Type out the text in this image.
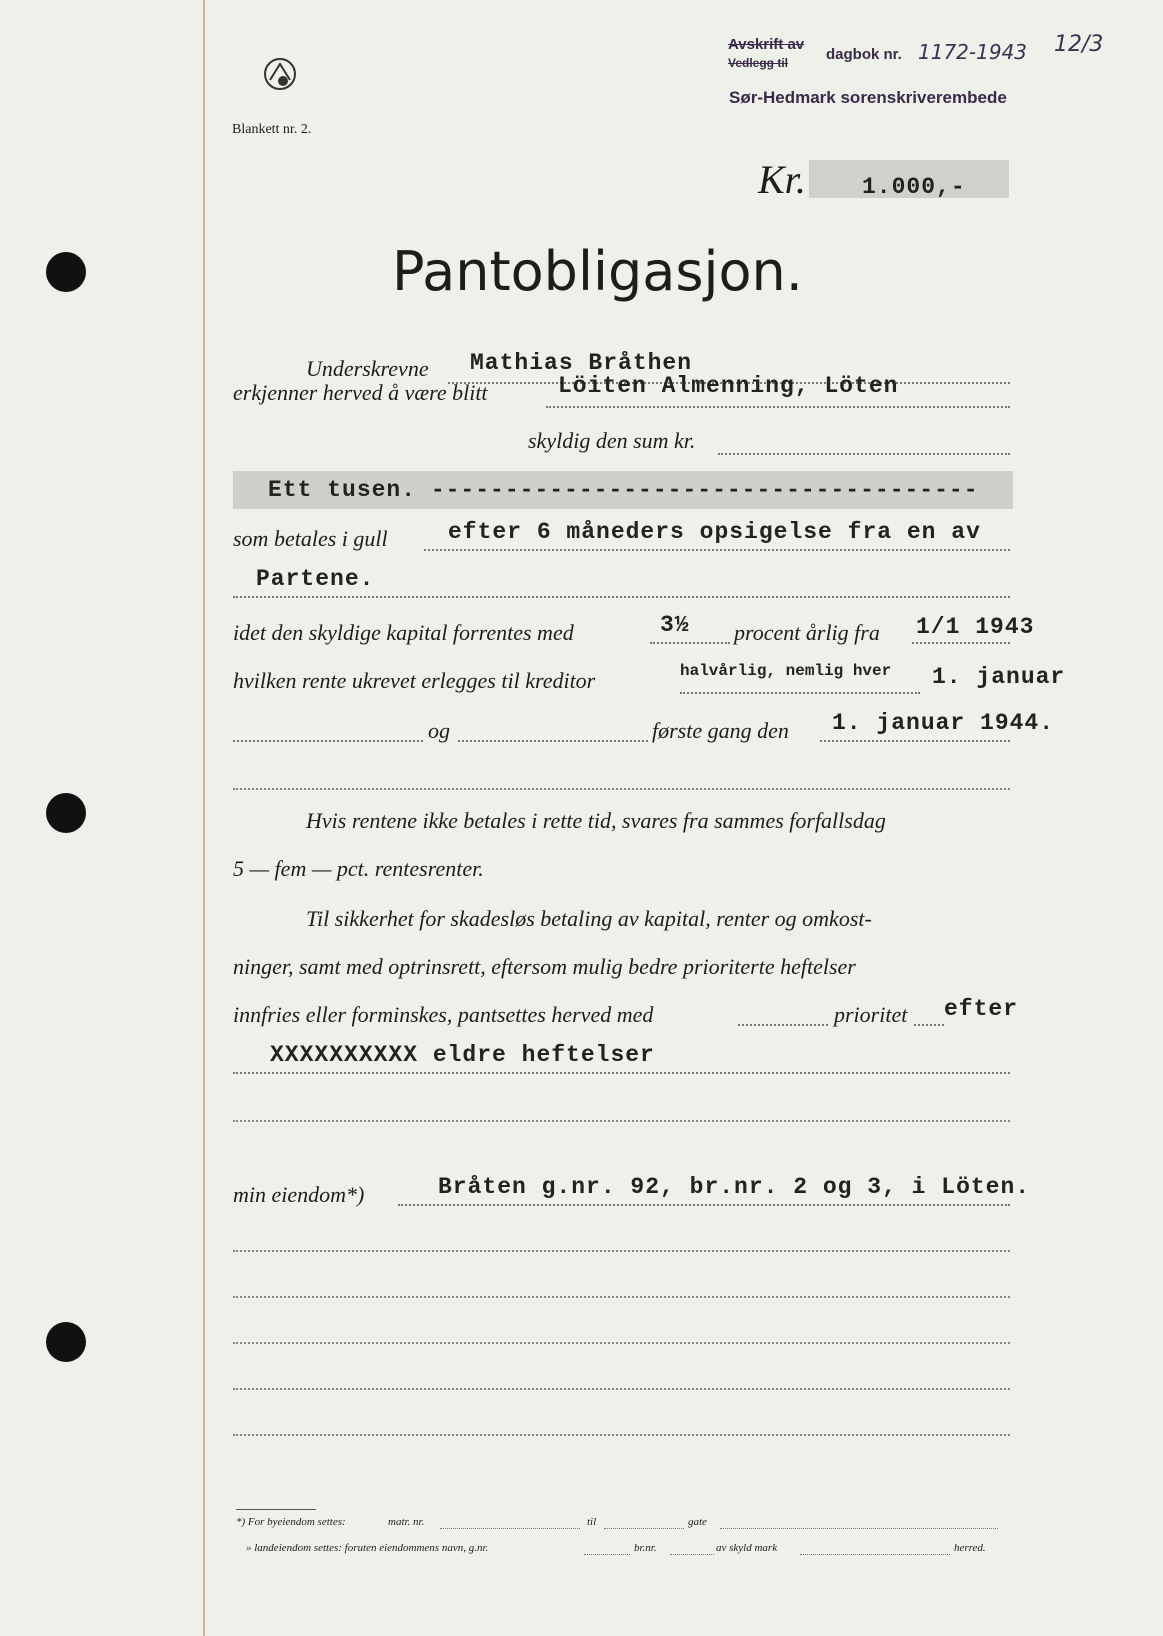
Avskrift av
Vedlegg til	dagbok nr. 1172-1943 12/3
Sør-Hedmark sorenskriverembede
Blankett nr. 2.
Kr. 1.000,-
Pantobligasjon.
Underskrevne Mathias Bråthen
erkjenner herved å være blitt	Löiten Almenning, Löten
skyldig den sum kr.
Ett tusen. -------------------------------------
som betales i gull	efter 6 måneders opsigelse fra en av
Partene.
idet den skyldige kapital forrentes med	3½ procent årlig fra 1/1 1943
hvilken rente ukrevet erlegges til kreditor	halvårlig, nemlig hver 1. januar
og	første gang den 1. januar 1944.
Hvis rentene ikke betales i rette tid, svares fra sammes forfallsdag
5 — fem — pct. rentesrenter.
Til sikkerhet for skadesløs betaling av kapital, renter og omkost-
ninger, samt med optrinsrett, eftersom mulig bedre prioriterte heftelser
innfries eller forminskes, pantsettes herved med	prioritet efter
XXXXXXXXXX eldre heftelser
min eiendom*)	Bråten g.nr. 92, br.nr. 2 og 3, i Löten.
*) For byeiendom settes:	matr. nr.	til	gate
» landeiendom settes: foruten eiendommens navn, g.nr.	br.nr.	av skyld mark	herred.
